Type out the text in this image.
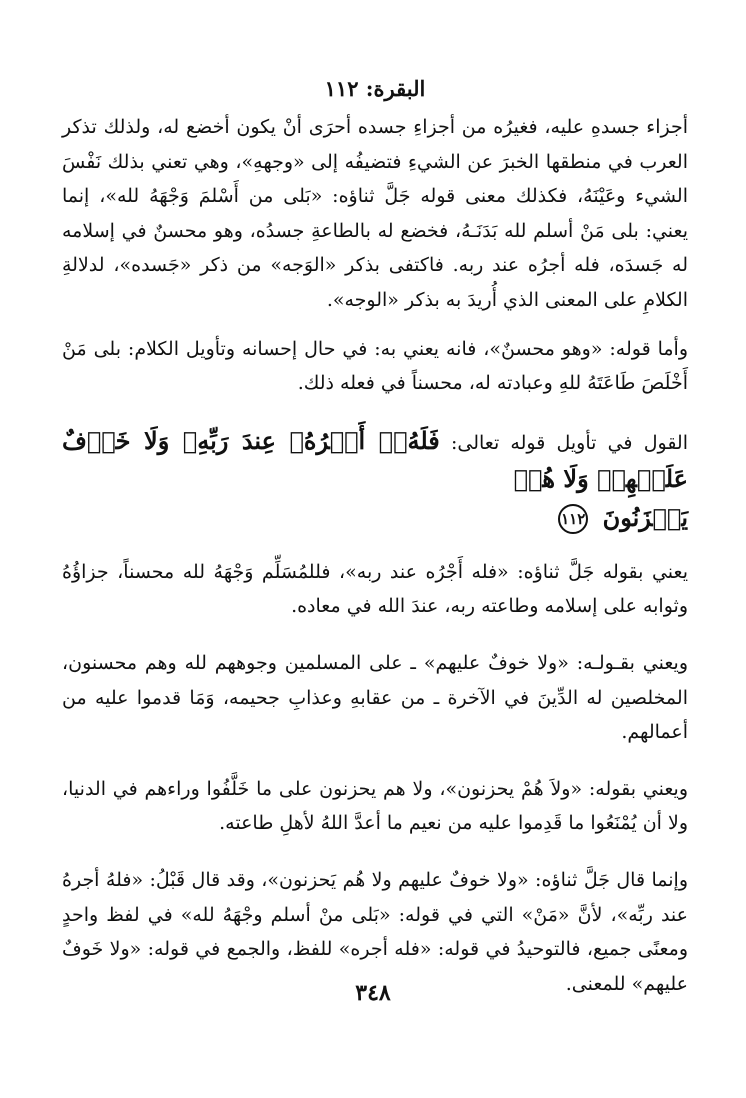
البقرة: ١١٢

أجزاء جسدهِ عليه، فغيرُه من أجزاءِ جسده أحرَى أنْ يكون أخضع له، ولذلك تذكر العرب في منطقها الخبرَ عن الشيءِ فتضيفُه إلى «وجههِ»، وهي تعني بذلك نَفْسَ الشيء وعَيْنَهُ، فكذلك معنى قوله جَلَّ ثناؤه: «بَلى من أَسْلمَ وَجْهَهُ لله»، إنما يعني: بلى مَنْ أسلم لله بَدَنَـهُ، فخضع له بالطاعةِ جسدُه، وهو محسنٌ في إسلامه له جَسدَه، فله أجرُه عند ربه. فاكتفى بذكر «الوَجه» من ذكر «جَسده»، لدلالةِ الكلامِ على المعنى الذي أُريدَ به بذكر «الوجه».

وأما قوله: «وهو محسنٌ»، فانه يعني به: في حال إحسانه وتأويل الكلام: بلى مَنْ أَخْلَصَ طَاعَتَهُ للهِ وعبادته له، محسناً في فعله ذلك.

القول في تأويل قوله تعالى: فَلَهُۥٓ أَجۡرُهُۥ عِندَ رَبِّهِۦ وَلَا خَوۡفٌ عَلَيۡهِمۡ وَلَا هُمۡ
يَحۡزَنُونَ ١١٢

يعني بقوله جَلَّ ثناؤه: «فله أَجْرُه عند ربه»، فللمُسَلِّم وَجْهَهُ لله محسناً، جزاؤُهُ وثوابه على إسلامه وطاعته ربه، عندَ الله في معاده.

ويعني بقـولـه: «ولا خوفٌ عليهم» ـ على المسلمين وجوههم لله وهم محسنون، المخلصين له الدِّينَ في الآخرة ـ من عقابهِ وعذابِ جحيمه، وَمَا قدموا عليه من أعمالهم.

ويعني بقوله: «ولاَ هُمْ يحزنون»، ولا هم يحزنون على ما خَلَّفُوا وراءهم في الدنيا، ولا أن يُمْنَعُوا ما قَدِموا عليه من نعيم ما أعدَّ اللهُ لأهلِ طاعته.

وإنما قال جَلَّ ثناؤه: «ولا خوفٌ عليهم ولا هُم يَحزنون»، وقد قال قَبْلُ: «فلهُ أجرهُ عند ربِّه»، لأنَّ «مَنْ» التي في قوله: «بَلى منْ أسلم وجْهَهُ لله» في لفظ واحدٍ ومعنًى جميع، فالتوحيدُ في قوله: «فله أجره» للفظ، والجمع في قوله: «ولا خَوفٌ عليهم» للمعنى.

٣٤٨
